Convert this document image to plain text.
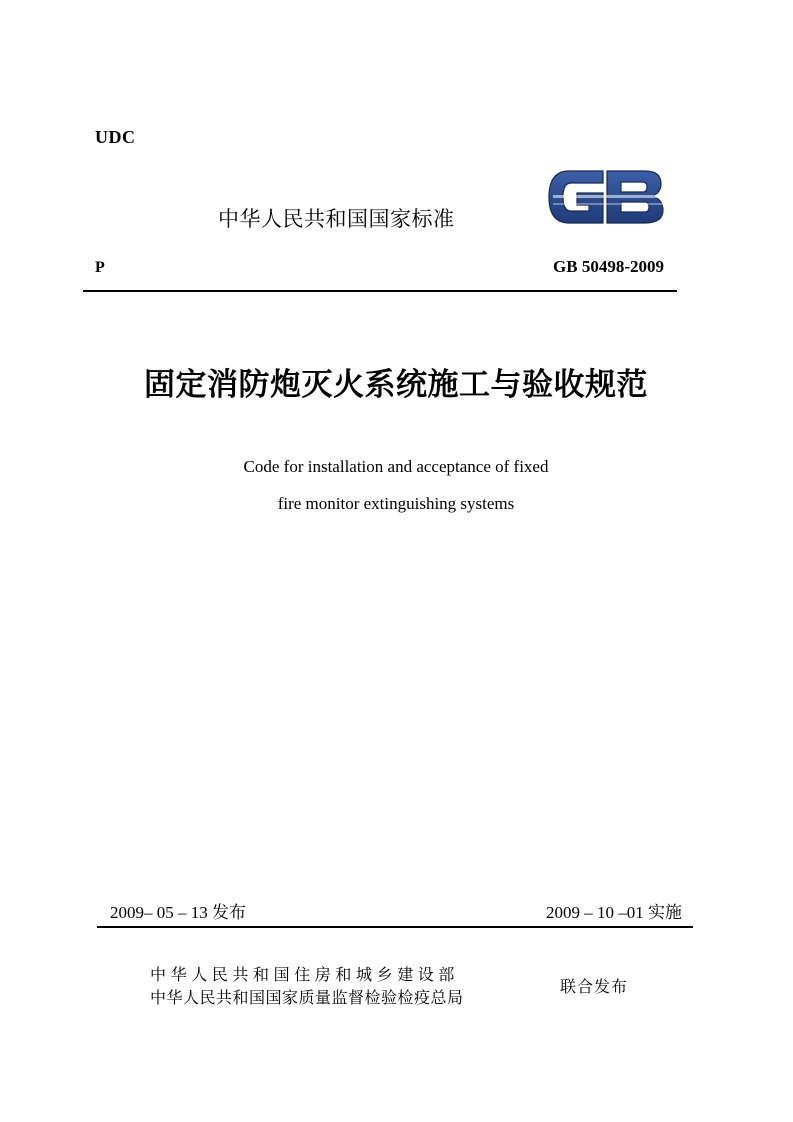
UDC
中华人民共和国国家标准
P	GB 50498-2009
固定消防炮灭火系统施工与验收规范
Code for installation and acceptance of fixed
fire monitor extinguishing systems
2009– 05 – 13 发布	2009 – 10 –01 实施
中华人民共和国住房和城乡建设部
中华人民共和国国家质量监督检验检疫总局
联合发布
